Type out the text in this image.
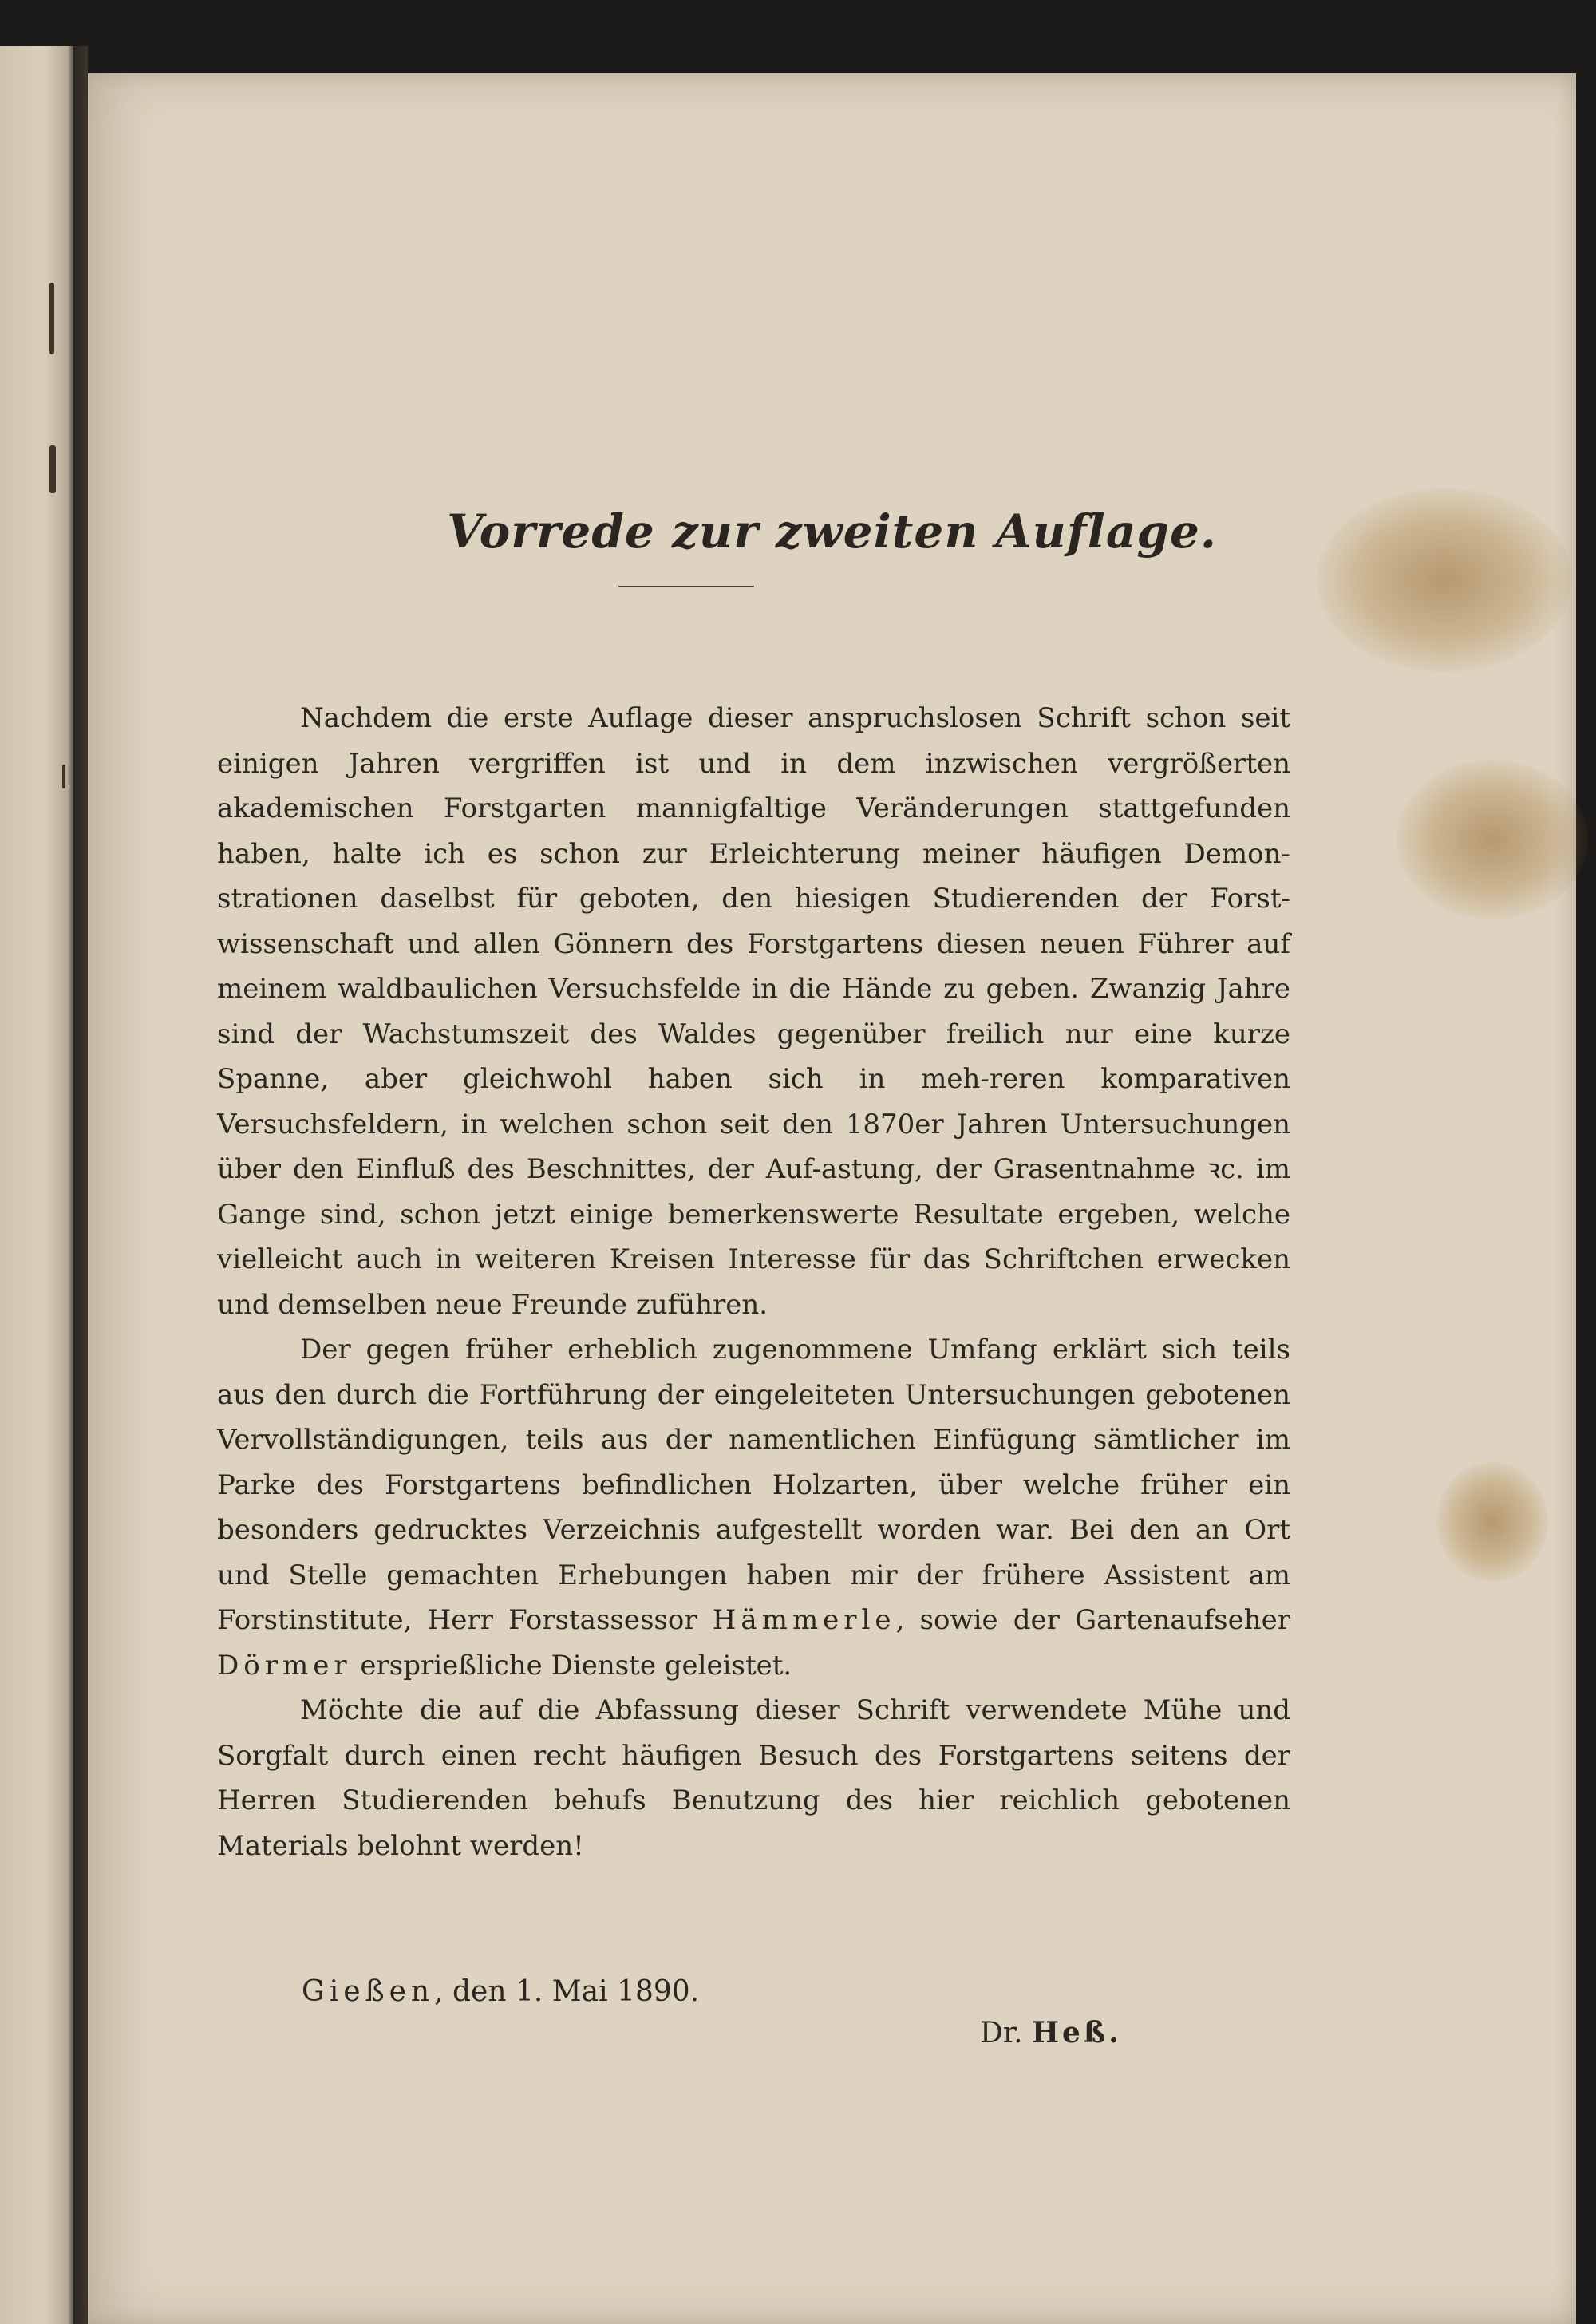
Vorrede zur zweiten Auflage.

Nachdem die erste Auflage dieser anspruchslosen Schrift schon seit einigen Jahren vergriffen ist und in dem inzwischen vergrößerten akademischen Forstgarten mannigfaltige Veränderungen stattgefunden haben, halte ich es schon zur Erleichterung meiner häufigen Demon-strationen daselbst für geboten, den hiesigen Studierenden der Forst- wissenschaft und allen Gönnern des Forstgartens diesen neuen Führer auf meinem waldbaulichen Versuchsfelde in die Hände zu geben. Zwanzig Jahre sind der Wachstumszeit des Waldes gegenüber freilich nur eine kurze Spanne, aber gleichwohl haben sich in meh-reren komparativen Versuchsfeldern, in welchen schon seit den 1870er Jahren Untersuchungen über den Einfluß des Beschnittes, der Auf-astung, der Grasentnahme ꝛc. im Gange sind, schon jetzt einige bemerkenswerte Resultate ergeben, welche vielleicht auch in weiteren Kreisen Interesse für das Schriftchen erwecken und demselben neue Freunde zuführen.

Der gegen früher erheblich zugenommene Umfang erklärt sich teils aus den durch die Fortführung der eingeleiteten Untersuchungen gebotenen Vervollständigungen, teils aus der namentlichen Einfügung sämtlicher im Parke des Forstgartens befindlichen Holzarten, über welche früher ein besonders gedrucktes Verzeichnis aufgestellt worden war. Bei den an Ort und Stelle gemachten Erhebungen haben mir der frühere Assistent am Forstinstitute, Herr Forstassessor Hämmerle, sowie der Gartenaufseher Dörmer ersprießliche Dienste geleistet.

Möchte die auf die Abfassung dieser Schrift verwendete Mühe und Sorgfalt durch einen recht häufigen Besuch des Forstgartens seitens der Herren Studierenden behufs Benutzung des hier reichlich gebotenen Materials belohnt werden!

Gießen, den 1. Mai 1890.

Dr. Heß.
